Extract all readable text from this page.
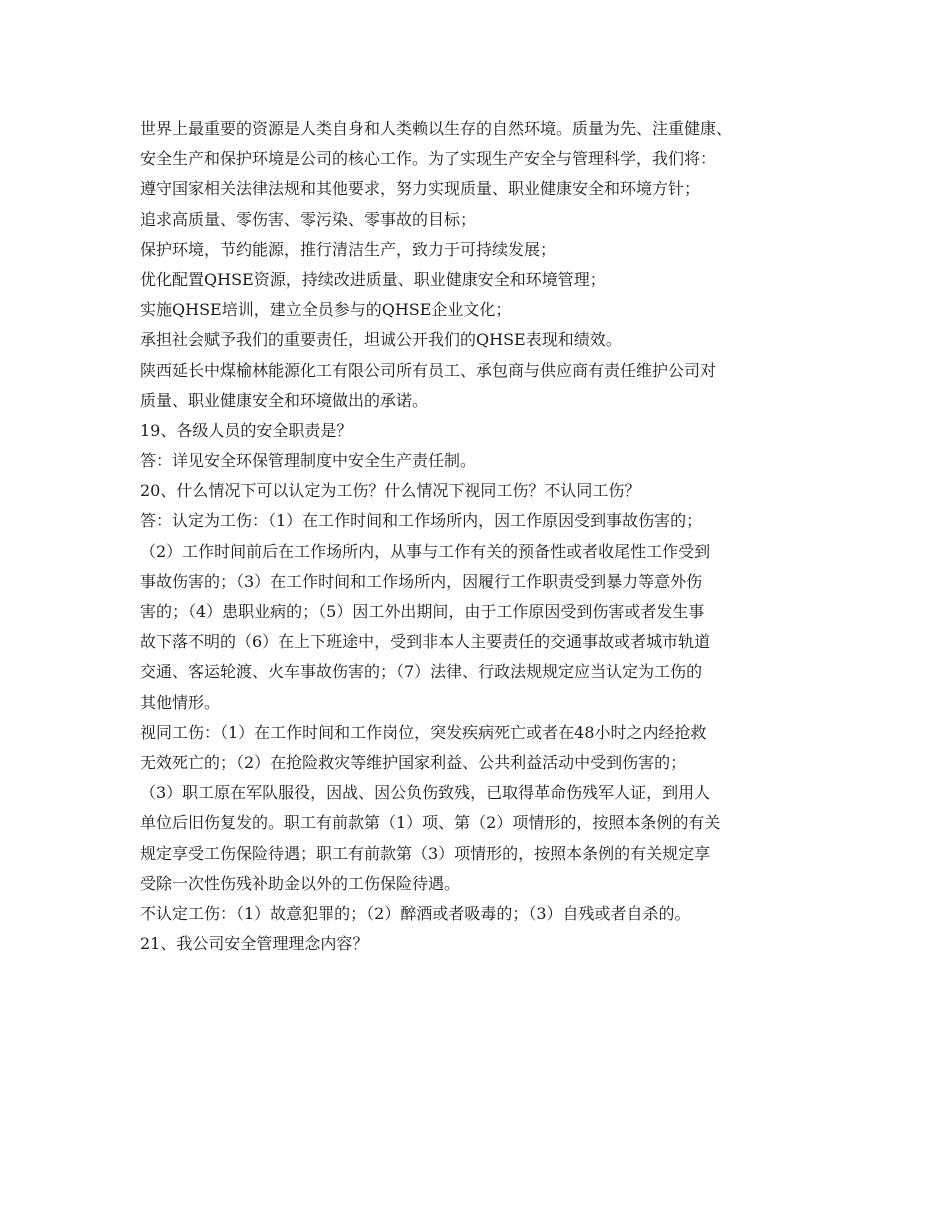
世界上最重要的资源是人类自身和人类赖以生存的自然环境。质量为先、注重健康、
安全生产和保护环境是公司的核心工作。为了实现生产安全与管理科学，我们将：
遵守国家相关法律法规和其他要求，努力实现质量、职业健康安全和环境方针；
追求高质量、零伤害、零污染、零事故的目标；
保护环境，节约能源，推行清洁生产，致力于可持续发展；
优化配置QHSE资源，持续改进质量、职业健康安全和环境管理；
实施QHSE培训，建立全员参与的QHSE企业文化；
承担社会赋予我们的重要责任，坦诚公开我们的QHSE表现和绩效。
陕西延长中煤榆林能源化工有限公司所有员工、承包商与供应商有责任维护公司对
质量、职业健康安全和环境做出的承诺。
19、各级人员的安全职责是？
答：详见安全环保管理制度中安全生产责任制。
20、什么情况下可以认定为工伤？什么情况下视同工伤？不认同工伤？
答：认定为工伤：（1）在工作时间和工作场所内，因工作原因受到事故伤害的；
（2）工作时间前后在工作场所内，从事与工作有关的预备性或者收尾性工作受到
事故伤害的；（3）在工作时间和工作场所内，因履行工作职责受到暴力等意外伤
害的；（4）患职业病的；（5）因工外出期间，由于工作原因受到伤害或者发生事
故下落不明的（6）在上下班途中，受到非本人主要责任的交通事故或者城市轨道
交通、客运轮渡、火车事故伤害的；（7）法律、行政法规规定应当认定为工伤的
其他情形。
视同工伤：（1）在工作时间和工作岗位，突发疾病死亡或者在48小时之内经抢救
无效死亡的；（2）在抢险救灾等维护国家利益、公共利益活动中受到伤害的；
（3）职工原在军队服役，因战、因公负伤致残，已取得革命伤残军人证，到用人
单位后旧伤复发的。职工有前款第（1）项、第（2）项情形的，按照本条例的有关
规定享受工伤保险待遇；职工有前款第（3）项情形的，按照本条例的有关规定享
受除一次性伤残补助金以外的工伤保险待遇。
不认定工伤：（1）故意犯罪的；（2）醉酒或者吸毒的；（3）自残或者自杀的。
21、我公司安全管理理念内容？
